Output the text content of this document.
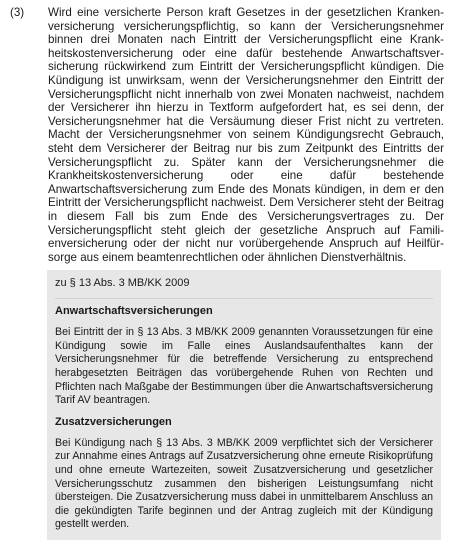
(3)	Wird eine versicherte Person kraft Gesetzes in der gesetzlichen Krankenversicherung versicherungspflichtig, so kann der Versicherungsnehmer binnen drei Monaten nach Eintritt der Versicherungspflicht eine Krankheitskostenversicherung oder eine dafür bestehende Anwartschaftsversicherung rückwirkend zum Eintritt der Versicherungspflicht kündigen. Die Kündigung ist unwirksam, wenn der Versicherungsnehmer den Eintritt der Versicherungspflicht nicht innerhalb von zwei Monaten nachweist, nachdem der Versicherer ihn hierzu in Textform aufgefordert hat, es sei denn, der Versicherungsnehmer hat die Versäumung dieser Frist nicht zu vertreten. Macht der Versicherungsnehmer von seinem Kündigungsrecht Gebrauch, steht dem Versicherer der Beitrag nur bis zum Zeitpunkt des Eintritts der Versicherungspflicht zu. Später kann der Versicherungsnehmer die Krankheitskostenversicherung oder eine dafür bestehende Anwartschaftsversicherung zum Ende des Monats kündigen, in dem er den Eintritt der Versicherungspflicht nachweist. Dem Versicherer steht der Beitrag in diesem Fall bis zum Ende des Versicherungsvertrages zu. Der Versicherungspflicht steht gleich der gesetzliche Anspruch auf Familienversicherung oder der nicht nur vorübergehende Anspruch auf Heilfürsorge aus einem beamtenrechtlichen oder ähnlichen Dienstverhältnis.

zu § 13 Abs. 3 MB/KK 2009
Anwartschaftsversicherungen

Bei Eintritt der in § 13 Abs. 3 MB/KK 2009 genannten Voraussetzungen für eine Kündigung sowie im Falle eines Auslandsaufenthaltes kann der Versicherungsnehmer für die betreffende Versicherung zu entsprechend herabgesetzten Beiträgen das vorübergehende Ruhen von Rechten und Pflichten nach Maßgabe der Bestimmungen über die Anwartschaftsversicherung Tarif AV beantragen.

Zusatzversicherungen

Bei Kündigung nach § 13 Abs. 3 MB/KK 2009 verpflichtet sich der Versicherer zur Annahme eines Antrags auf Zusatzversicherung ohne erneute Risikoprüfung und ohne erneute Wartezeiten, soweit Zusatzversicherung und gesetzlicher Versicherungsschutz zusammen den bisherigen Leistungsumfang nicht übersteigen. Die Zusatzversicherung muss dabei in unmittelbarem Anschluss an die gekündigten Tarife beginnen und der Antrag zugleich mit der Kündigung gestellt werden.
